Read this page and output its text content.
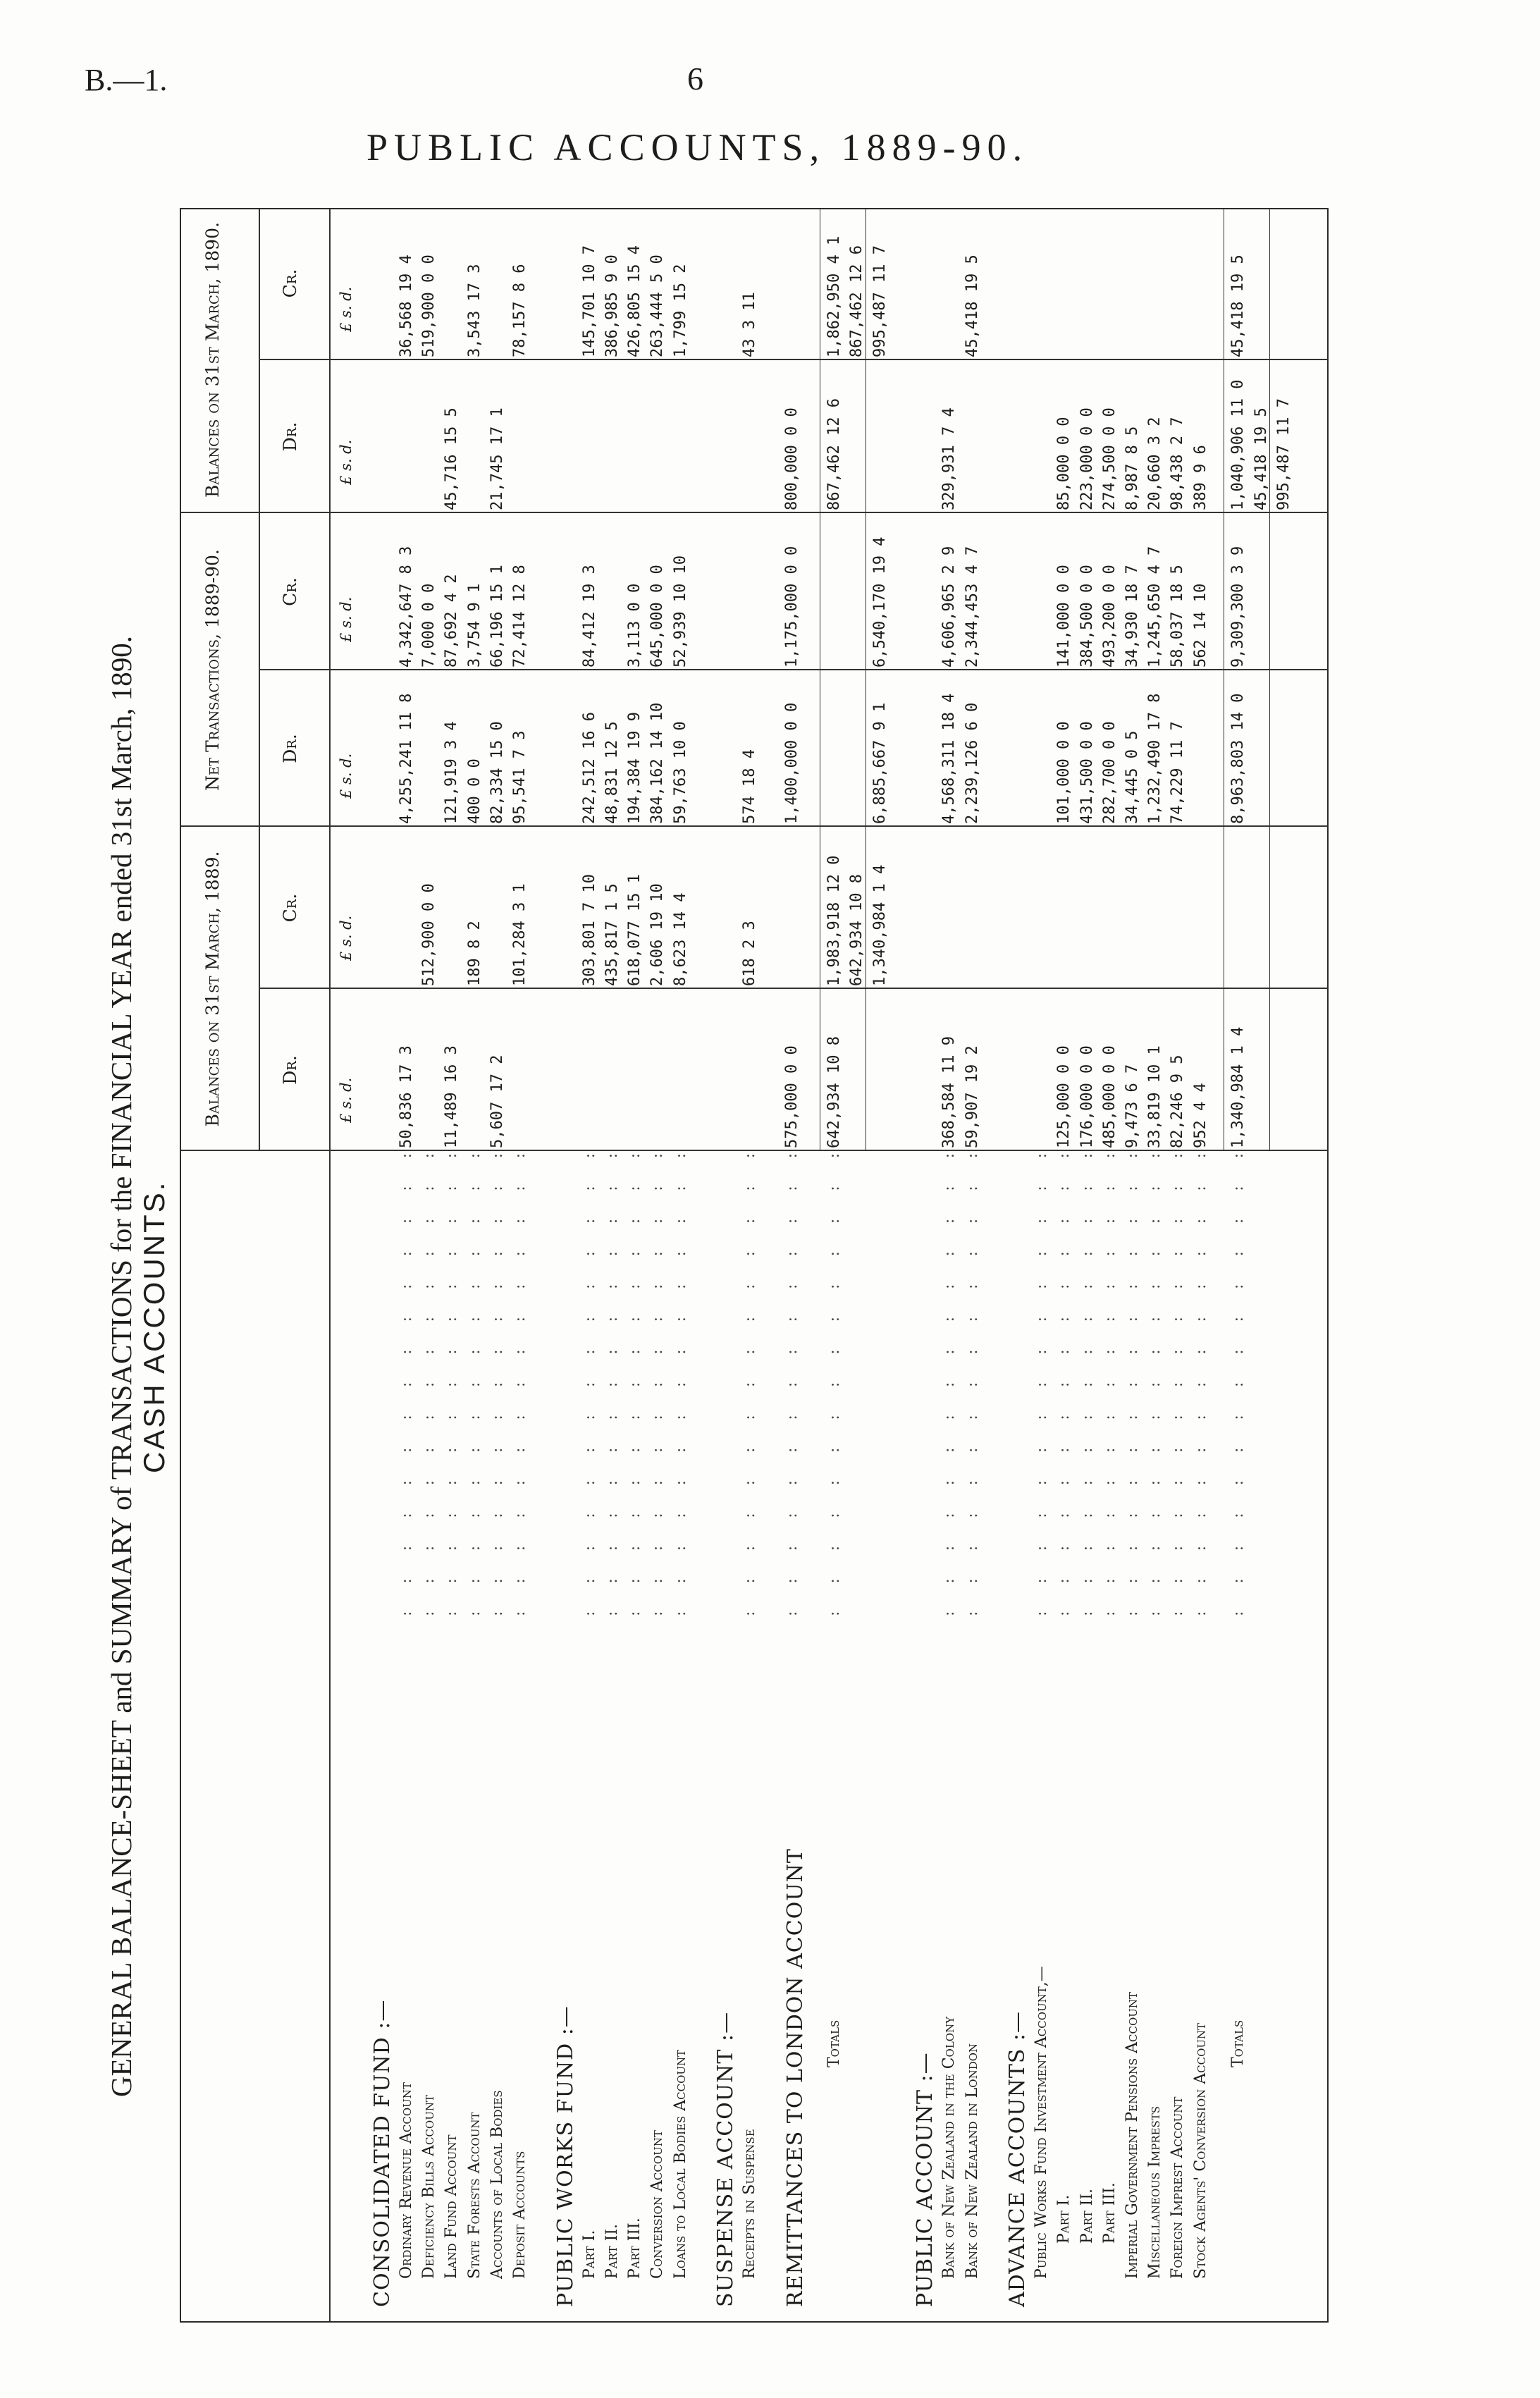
B.—1.	6
PUBLIC ACCOUNTS, 1889-90.
GENERAL BALANCE-SHEET and SUMMARY of TRANSACTIONS for the FINANCIAL YEAR ended 31st March, 1890. CASH ACCOUNTS.
Balances on 31st March, 1889.
Net Transactions, 1889-90.
Balances on 31st March, 1890.
Dr.
Cr.
Dr.
Cr.
Dr.
Cr.
£ s. d.
£ s. d.
£ s. d.
£ s. d.
£ s. d.
£ s. d.
CONSOLIDATED FUND :— Ordinary Revenue Account
: : : : : : : : : : : : : : :
50,836 17 3
4,255,241 11 8
4,342,647 8 3
36,568 19 4
Deficiency Bills Account
: : : : : : : : : : : : : : :
512,900 0 0
7,000 0 0
519,900 0 0
Land Fund Account
: : : : : : : : : : : : : : :
11,489 16 3
121,919 3 4
87,692 4 2
45,716 15 5
State Forests Account
: : : : : : : : : : : : : : :
189 8 2
400 0 0
3,754 9 1
3,543 17 3
Accounts of Local Bodies
: : : : : : : : : : : : : : :
5,607 17 2
82,334 15 0
66,196 15 1
21,745 17 1
Deposit Accounts
: : : : : : : : : : : : : : :
101,284 3 1
95,541 7 3
72,414 12 8
78,157 8 6
PUBLIC WORKS FUND :— Part I.
: : : : : : : : : : : : : : :
303,801 7 10
242,512 16 6
84,412 19 3
145,701 10 7
Part II.
: : : : : : : : : : : : : : :
435,817 1 5
48,831 12 5
386,985 9 0
Part III.
: : : : : : : : : : : : : : :
618,077 15 1
194,384 19 9
3,113 0 0
426,805 15 4
Conversion Account
: : : : : : : : : : : : : : :
2,606 19 10
384,162 14 10
645,000 0 0
263,444 5 0
Loans to Local Bodies Account
: : : : : : : : : : : : : : :
8,623 14 4
59,763 10 0
52,939 10 10
1,799 15 2
SUSPENSE ACCOUNT :— Receipts in Suspense
: : : : : : : : : : : : : : :
618 2 3
574 18 4
43 3 11
REMITTANCES TO LONDON ACCOUNT
: : : : : : : : : : : : : : :
575,000 0 0
1,400,000 0 0
1,175,000 0 0
800,000 0 0
Totals
: : : : : : : : : : : : : : :
642,934 10 8
1,983,918 12 0
867,462 12 6
1,862,950 4 1
642,934 10 8
867,462 12 6
1,340,984 1 4
6,885,667 9 1
6,540,170 19 4
995,487 11 7
PUBLIC ACCOUNT :— Bank of New Zealand in the Colony
: : : : : : : : : : : : : : :
368,584 11 9
4,568,311 18 4
4,606,965 2 9
329,931 7 4
Bank of New Zealand in London
: : : : : : : : : : : : : : :
59,907 19 2
2,239,126 6 0
2,344,453 4 7
45,418 19 5
ADVANCE ACCOUNTS :— Public Works Fund Investment Account,—
: : : : : : : : : : : : : : :
Part I.
: : : : : : : : : : : : : : :
125,000 0 0
101,000 0 0
141,000 0 0
85,000 0 0
Part II.
: : : : : : : : : : : : : : :
176,000 0 0
431,500 0 0
384,500 0 0
223,000 0 0
Part III.
: : : : : : : : : : : : : : :
485,000 0 0
282,700 0 0
493,200 0 0
274,500 0 0
Imperial Government Pensions Account
: : : : : : : : : : : : : : :
9,473 6 7
34,445 0 5
34,930 18 7
8,987 8 5
Miscellaneous Imprests
: : : : : : : : : : : : : : :
33,819 10 1
1,232,490 17 8
1,245,650 4 7
20,660 3 2
Foreign Imprest Account
: : : : : : : : : : : : : : :
82,246 9 5
74,229 11 7
58,037 18 5
98,438 2 7
Stock Agents' Conversion Account
: : : : : : : : : : : : : : :
952 4 4
562 14 10
389 9 6
Totals
: : : : : : : : : : : : : : :
1,340,984 1 4
8,963,803 14 0
9,309,300 3 9
1,040,906 11 0
45,418 19 5
45,418 19 5 995,487 11 7
